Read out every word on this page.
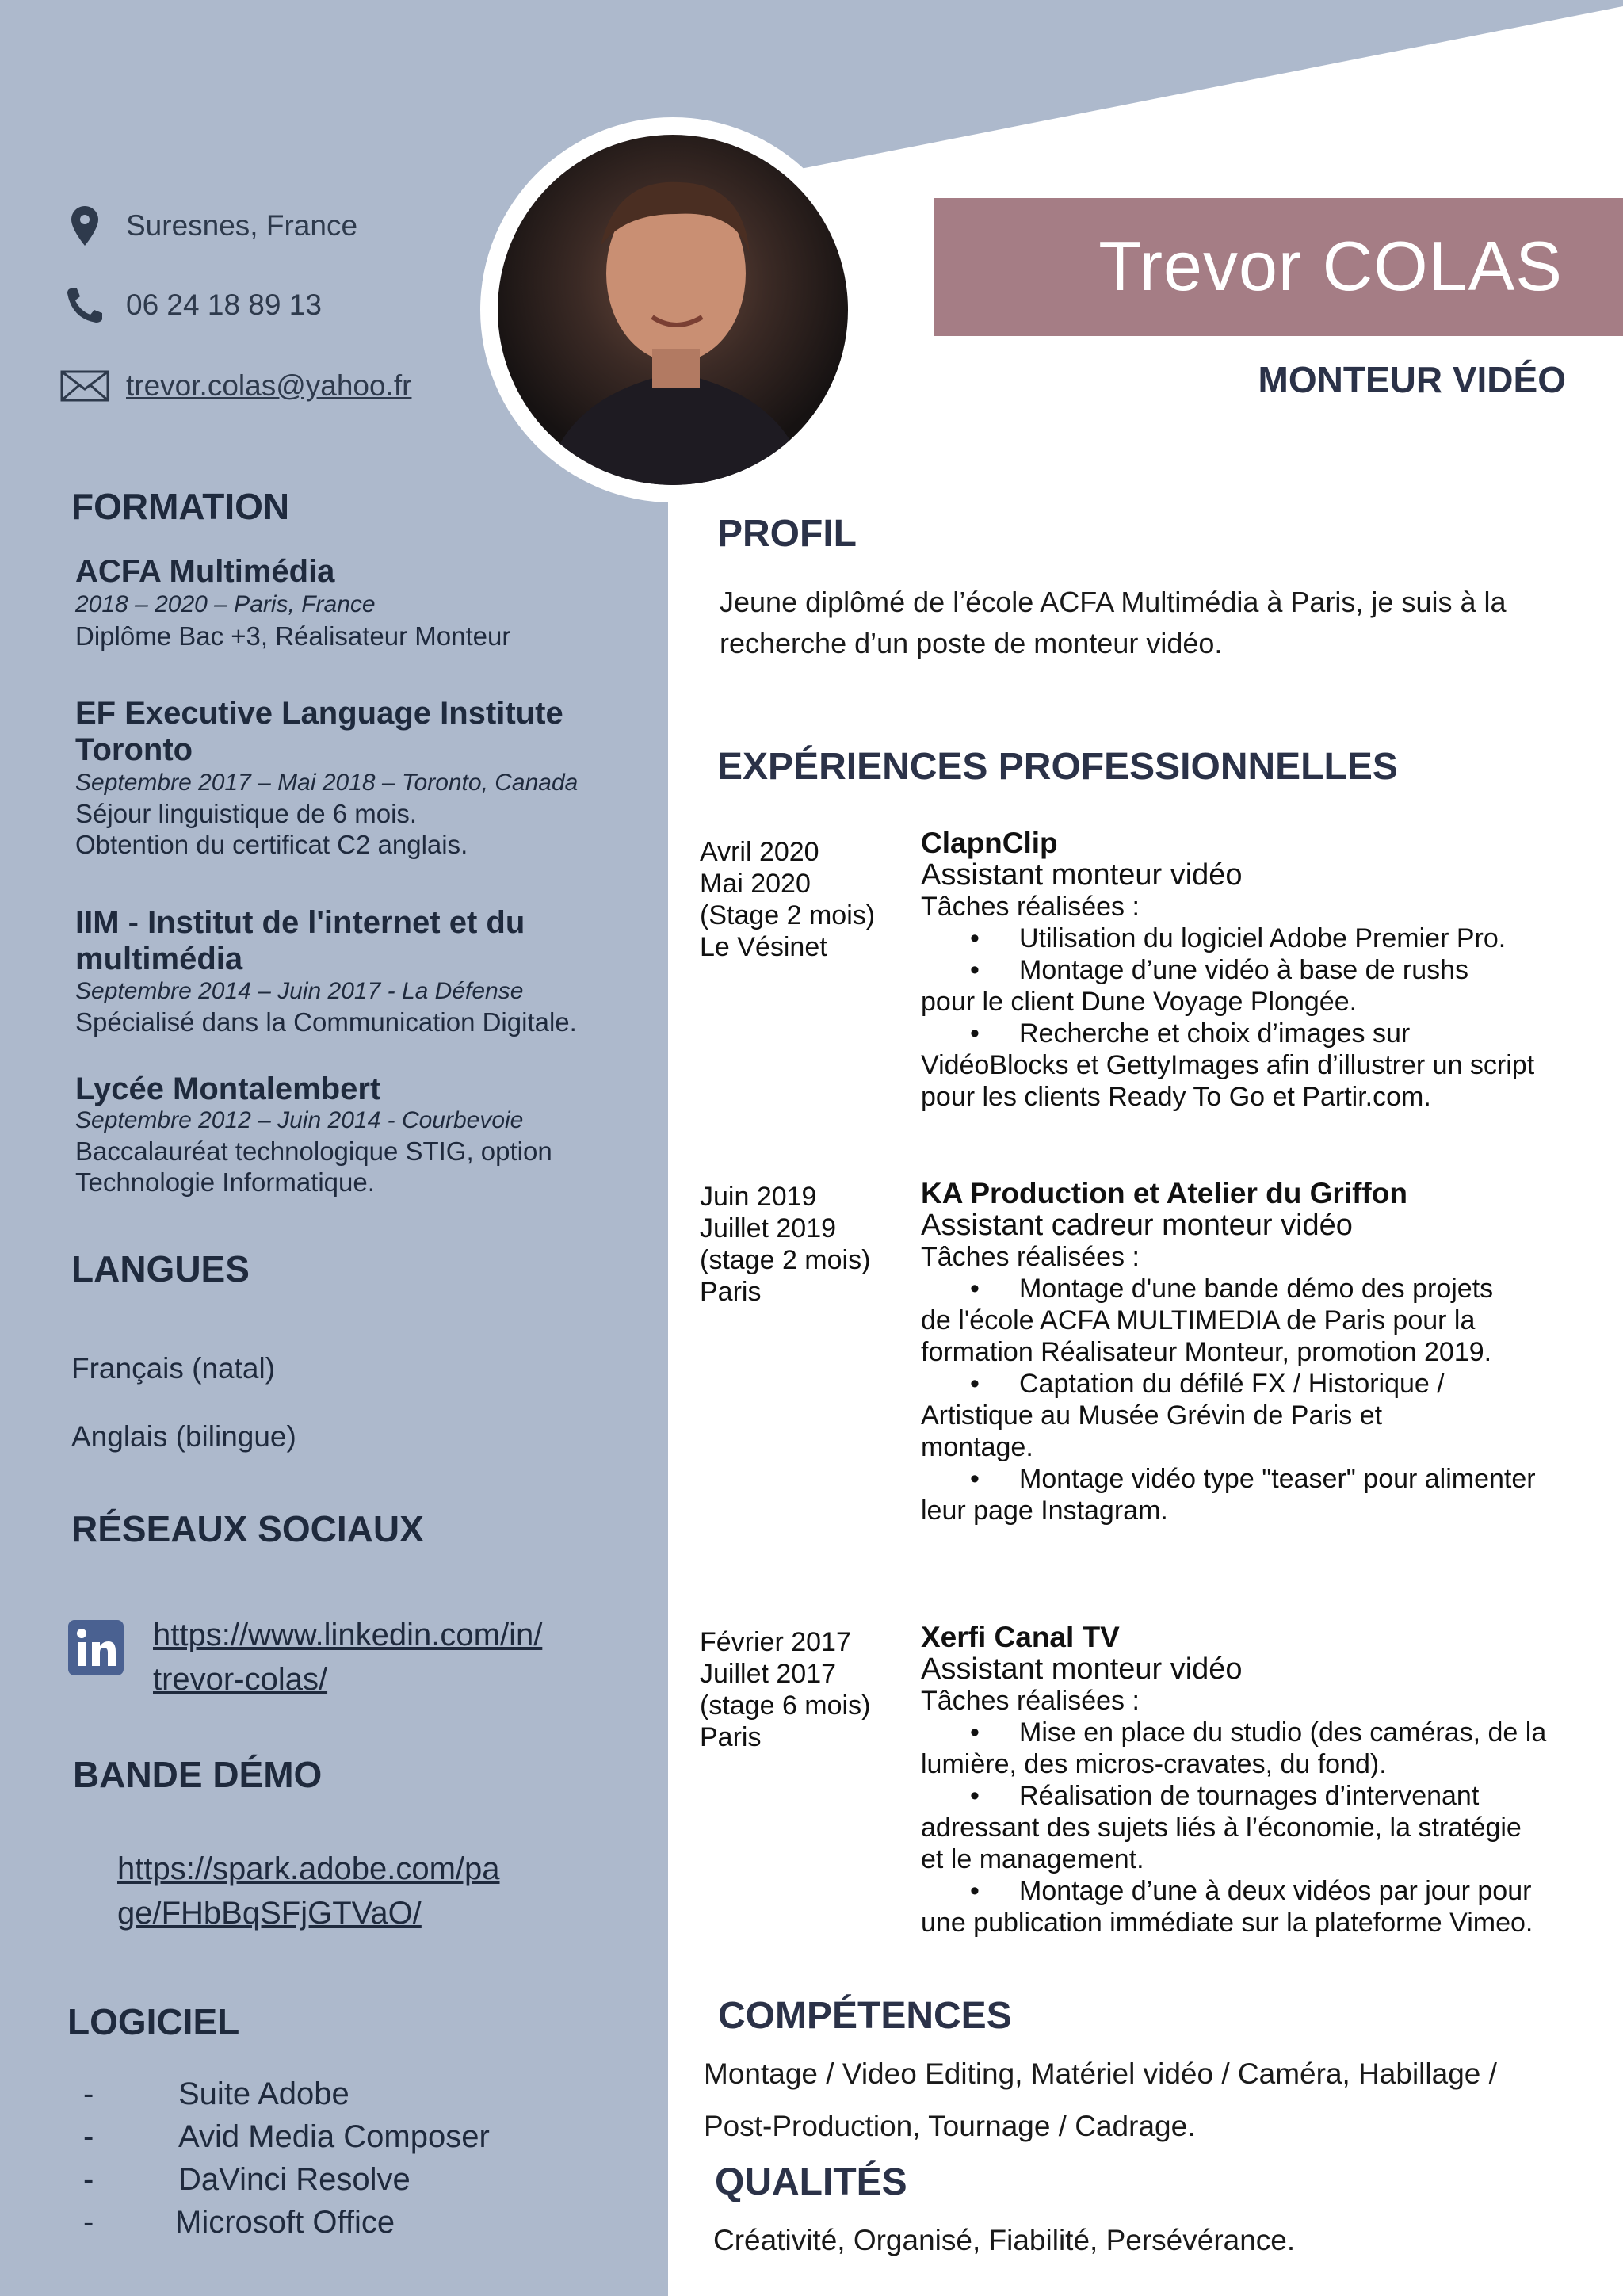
Suresnes, France
06 24 18 89 13
trevor.colas@yahoo.fr
FORMATION
ACFA Multimédia
2018 – 2020 – Paris, France
Diplôme Bac +3, Réalisateur Monteur
EF Executive Language Institute Toronto
Septembre 2017 – Mai 2018 – Toronto, Canada
Séjour linguistique de 6 mois.
Obtention du certificat C2 anglais.
IIM - Institut de l'internet et du multimédia
Septembre 2014 – Juin 2017 - La Défense
Spécialisé dans la Communication Digitale.
Lycée Montalembert
Septembre 2012 – Juin 2014 - Courbevoie
Baccalauréat technologique STIG, option
Technologie Informatique.
LANGUES
Français (natal)
Anglais (bilingue)
RÉSEAUX SOCIAUX
https://www.linkedin.com/in/
trevor-colas/
BANDE DÉMO
https://spark.adobe.com/pa
ge/FHbBqSFjGTVaO/
LOGICIEL
-	Suite Adobe
-	Avid Media Composer
-	DaVinci Resolve
-	Microsoft Office
Trevor COLAS
MONTEUR VIDÉO
PROFIL
Jeune diplômé de l’école ACFA Multimédia à Paris, je suis à la
recherche d’un poste de monteur vidéo.
EXPÉRIENCES PROFESSIONNELLES
Avril 2020
Mai 2020
(Stage 2 mois)
Le Vésinet
ClapnClip
Assistant monteur vidéo
Tâches réalisées :
• Utilisation du logiciel Adobe Premier Pro.
• Montage d’une vidéo à base de rushs
pour le client Dune Voyage Plongée.
• Recherche et choix d’images sur
VidéoBlocks et GettyImages afin d’illustrer un script
pour les clients Ready To Go et Partir.com.
Juin 2019
Juillet 2019
(stage 2 mois)
Paris
KA Production et Atelier du Griffon
Assistant cadreur monteur vidéo
Tâches réalisées :
• Montage d'une bande démo des projets
de l'école ACFA MULTIMEDIA de Paris pour la
formation Réalisateur Monteur, promotion 2019.
• Captation du défilé FX / Historique /
Artistique au Musée Grévin de Paris et
montage.
• Montage vidéo type "teaser" pour alimenter
leur page Instagram.
Février 2017
Juillet 2017
(stage 6 mois)
Paris
Xerfi Canal TV
Assistant monteur vidéo
Tâches réalisées :
• Mise en place du studio (des caméras, de la
lumière, des micros-cravates, du fond).
• Réalisation de tournages d’intervenant
adressant des sujets liés à l’économie, la stratégie
et le management.
• Montage d’une à deux vidéos par jour pour
une publication immédiate sur la plateforme Vimeo.
COMPÉTENCES
Montage / Video Editing, Matériel vidéo / Caméra, Habillage /
Post-Production, Tournage / Cadrage.
QUALITÉS
Créativité, Organisé, Fiabilité, Persévérance.
